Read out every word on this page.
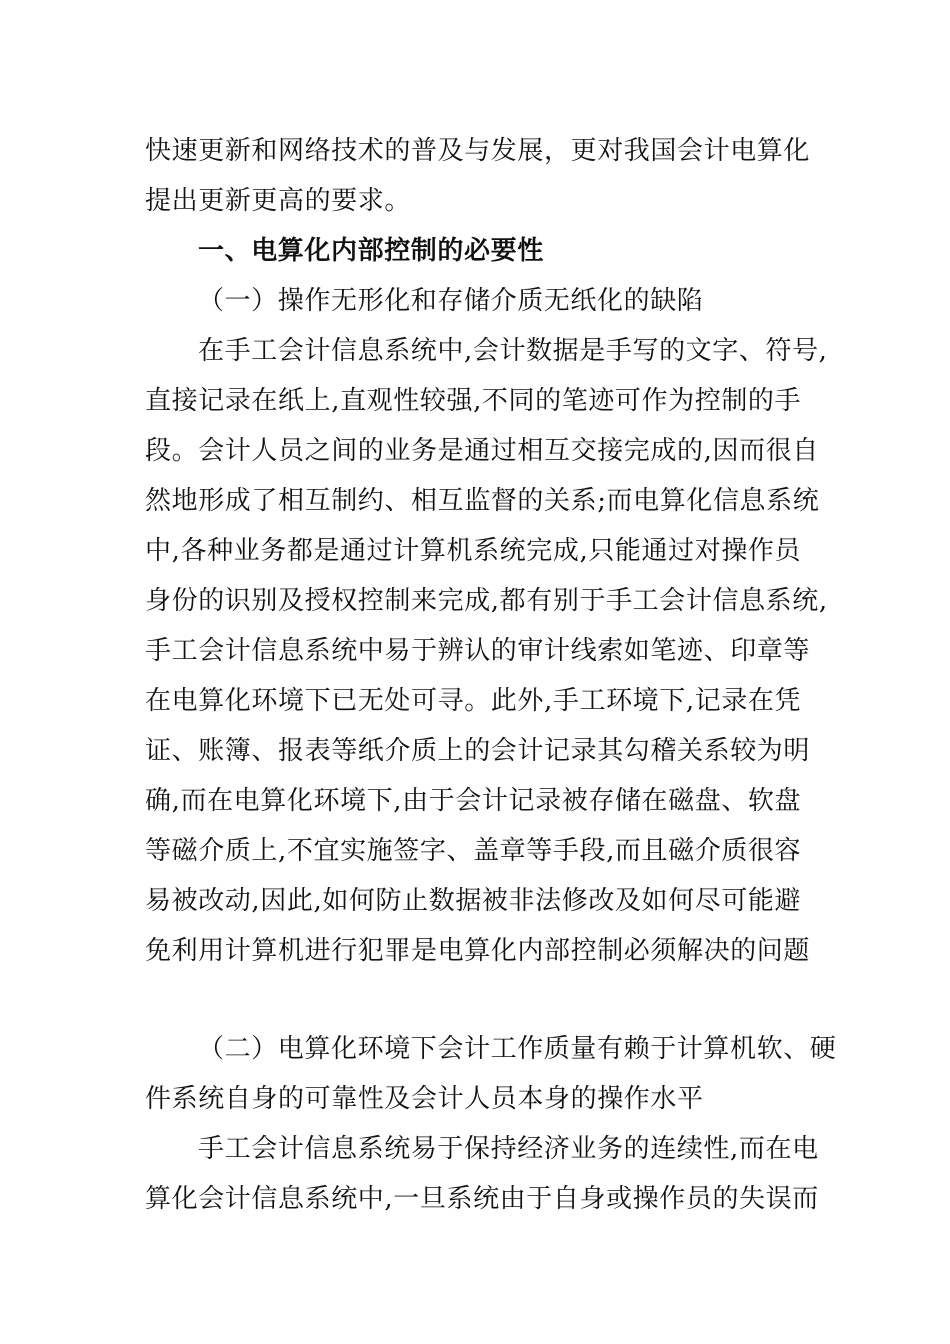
快速更新和网络技术的普及与发展，更对我国会计电算化
提出更新更高的要求。
一、电算化内部控制的必要性
（一）操作无形化和存储介质无纸化的缺陷
在手工会计信息系统中,会计数据是手写的文字、符号,
直接记录在纸上,直观性较强,不同的笔迹可作为控制的手
段。会计人员之间的业务是通过相互交接完成的,因而很自
然地形成了相互制约、相互监督的关系;而电算化信息系统
中,各种业务都是通过计算机系统完成,只能通过对操作员
身份的识别及授权控制来完成,都有别于手工会计信息系统,
手工会计信息系统中易于辨认的审计线索如笔迹、印章等
在电算化环境下已无处可寻。此外,手工环境下,记录在凭
证、账簿、报表等纸介质上的会计记录其勾稽关系较为明
确,而在电算化环境下,由于会计记录被存储在磁盘、软盘
等磁介质上,不宜实施签字、盖章等手段,而且磁介质很容
易被改动,因此,如何防止数据被非法修改及如何尽可能避
免利用计算机进行犯罪是电算化内部控制必须解决的问题
（二）电算化环境下会计工作质量有赖于计算机软、硬
件系统自身的可靠性及会计人员本身的操作水平
手工会计信息系统易于保持经济业务的连续性,而在电
算化会计信息系统中,一旦系统由于自身或操作员的失误而
